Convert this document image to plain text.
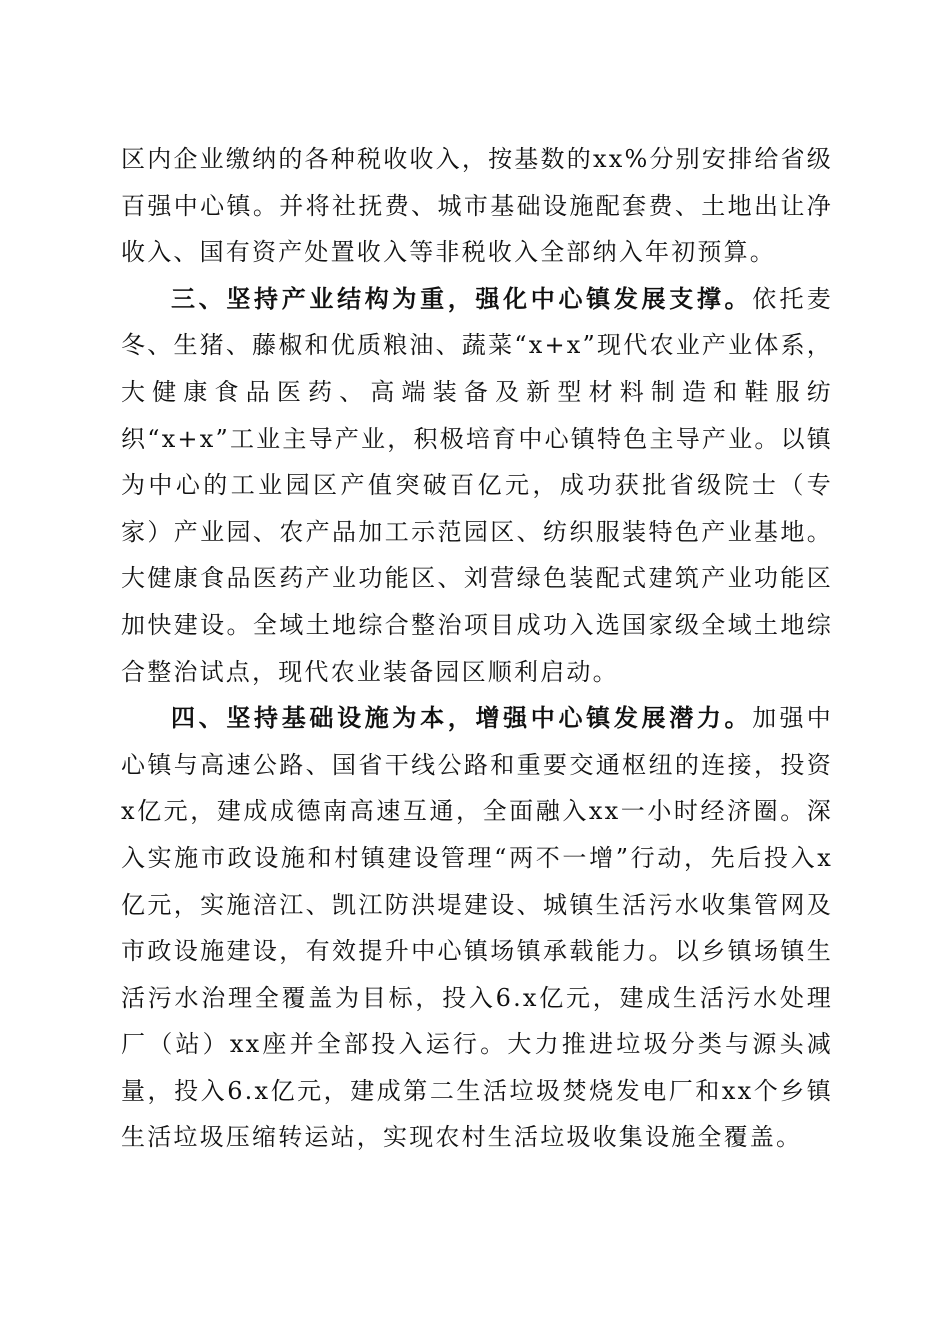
区内企业缴纳的各种税收收入，按基数的xx%分别安排给省级百强中心镇。并将社抚费、城市基础设施配套费、土地出让净收入、国有资产处置收入等非税收入全部纳入年初预算。

三、坚持产业结构为重，强化中心镇发展支撑。依托麦冬、生猪、藤椒和优质粮油、蔬菜“x+x”现代农业产业体系，大健康食品医药、高端装备及新型材料制造和鞋服纺织“x+x”工业主导产业，积极培育中心镇特色主导产业。以镇为中心的工业园区产值突破百亿元，成功获批省级院士（专家）产业园、农产品加工示范园区、纺织服装特色产业基地。大健康食品医药产业功能区、刘营绿色装配式建筑产业功能区加快建设。全域土地综合整治项目成功入选国家级全域土地综合整治试点，现代农业装备园区顺利启动。

四、坚持基础设施为本，增强中心镇发展潜力。加强中心镇与高速公路、国省干线公路和重要交通枢纽的连接，投资x亿元，建成成德南高速互通，全面融入xx一小时经济圈。深入实施市政设施和村镇建设管理“两不一增”行动，先后投入x亿元，实施涪江、凯江防洪堤建设、城镇生活污水收集管网及市政设施建设，有效提升中心镇场镇承载能力。以乡镇场镇生活污水治理全覆盖为目标，投入6.x亿元，建成生活污水处理厂（站）xx座并全部投入运行。大力推进垃圾分类与源头减量，投入6.x亿元，建成第二生活垃圾焚烧发电厂和xx个乡镇生活垃圾压缩转运站，实现农村生活垃圾收集设施全覆盖。
